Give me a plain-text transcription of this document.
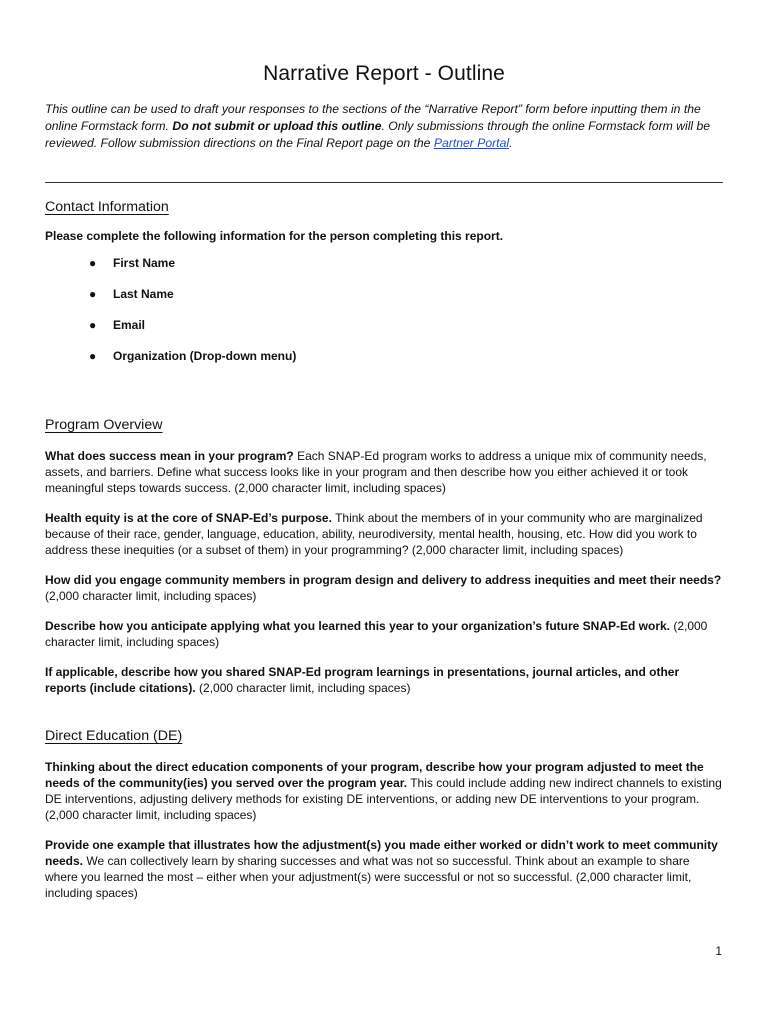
Narrative Report - Outline

This outline can be used to draft your responses to the sections of the “Narrative Report” form before inputting them in the online Formstack form. Do not submit or upload this outline. Only submissions through the online Formstack form will be reviewed. Follow submission directions on the Final Report page on the Partner Portal.

Contact Information

Please complete the following information for the person completing this report.

● First Name
● Last Name
● Email
● Organization (Drop-down menu)
Program Overview

What does success mean in your program? Each SNAP-Ed program works to address a unique mix of community needs, assets, and barriers. Define what success looks like in your program and then describe how you either achieved it or took meaningful steps towards success. (2,000 character limit, including spaces)

Health equity is at the core of SNAP-Ed’s purpose. Think about the members of in your community who are marginalized because of their race, gender, language, education, ability, neurodiversity, mental health, housing, etc. How did you work to address these inequities (or a subset of them) in your programming? (2,000 character limit, including spaces)

How did you engage community members in program design and delivery to address inequities and meet their needs? (2,000 character limit, including spaces)

Describe how you anticipate applying what you learned this year to your organization’s future SNAP-Ed work. (2,000 character limit, including spaces)

If applicable, describe how you shared SNAP-Ed program learnings in presentations, journal articles, and other reports (include citations). (2,000 character limit, including spaces)

Direct Education (DE)

Thinking about the direct education components of your program, describe how your program adjusted to meet the needs of the community(ies) you served over the program year. This could include adding new indirect channels to existing DE interventions, adjusting delivery methods for existing DE interventions, or adding new DE interventions to your program. (2,000 character limit, including spaces)

Provide one example that illustrates how the adjustment(s) you made either worked or didn’t work to meet community needs. We can collectively learn by sharing successes and what was not so successful. Think about an example to share where you learned the most – either when your adjustment(s) were successful or not so successful. (2,000 character limit, including spaces)

1
